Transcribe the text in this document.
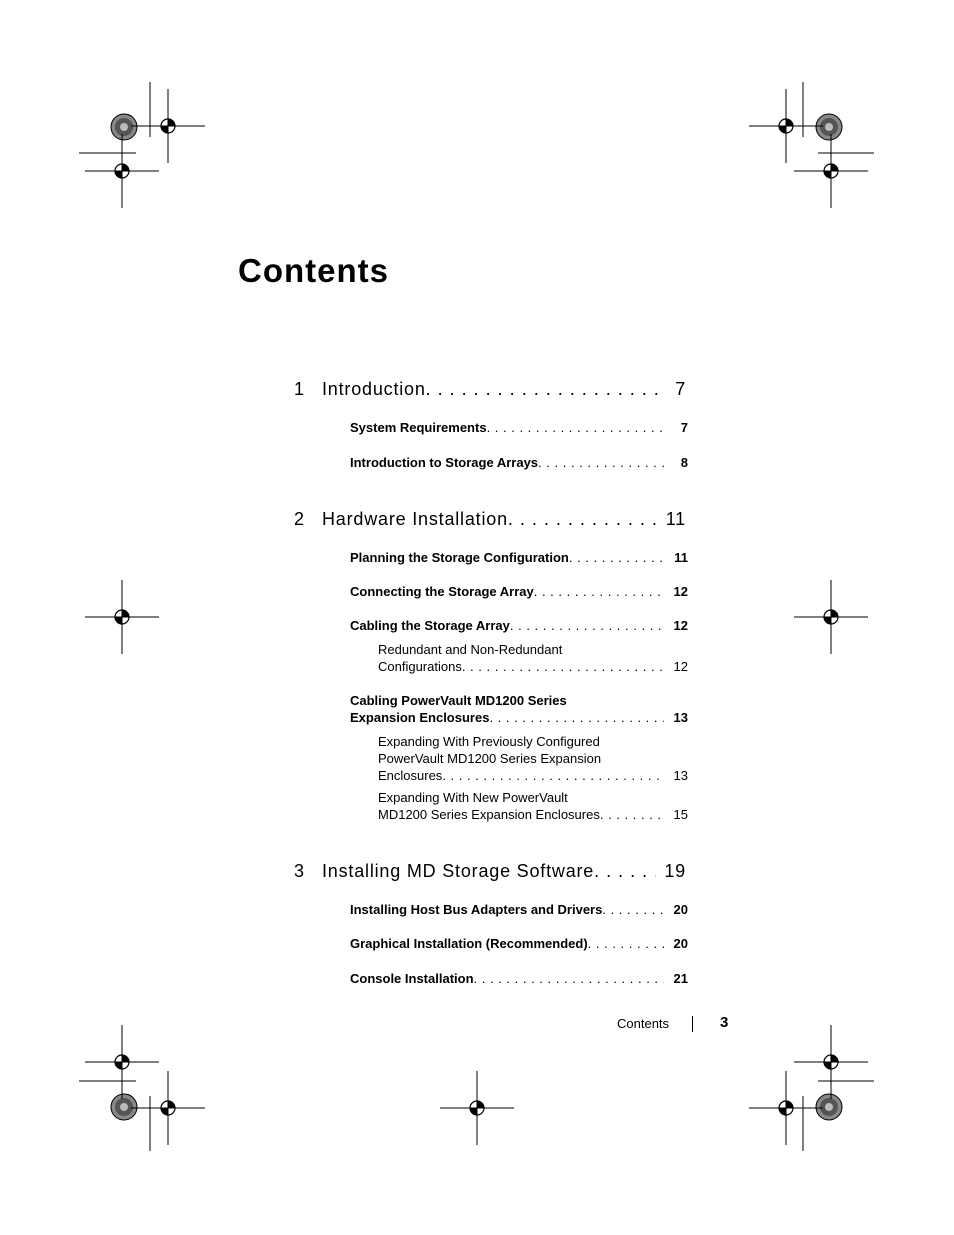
Contents
1 Introduction . . .	7
System Requirements . . .	7
Introduction to Storage Arrays . . .	8
2 Hardware Installation . . .	11
Planning the Storage Configuration . . .	11
Connecting the Storage Array . . .	12
Cabling the Storage Array . . .	12
Redundant and Non-Redundant
Configurations . . .	12
Cabling PowerVault MD1200 Series
Expansion Enclosures . . .	13
Expanding With Previously Configured
PowerVault MD1200 Series Expansion
Enclosures . . .	13
Expanding With New PowerVault
MD1200 Series Expansion Enclosures . . .	15
3 Installing MD Storage Software . . .	19
Installing Host Bus Adapters and Drivers . . .	20
Graphical Installation (Recommended) . . .	20
Console Installation . . .	21
Contents	3
